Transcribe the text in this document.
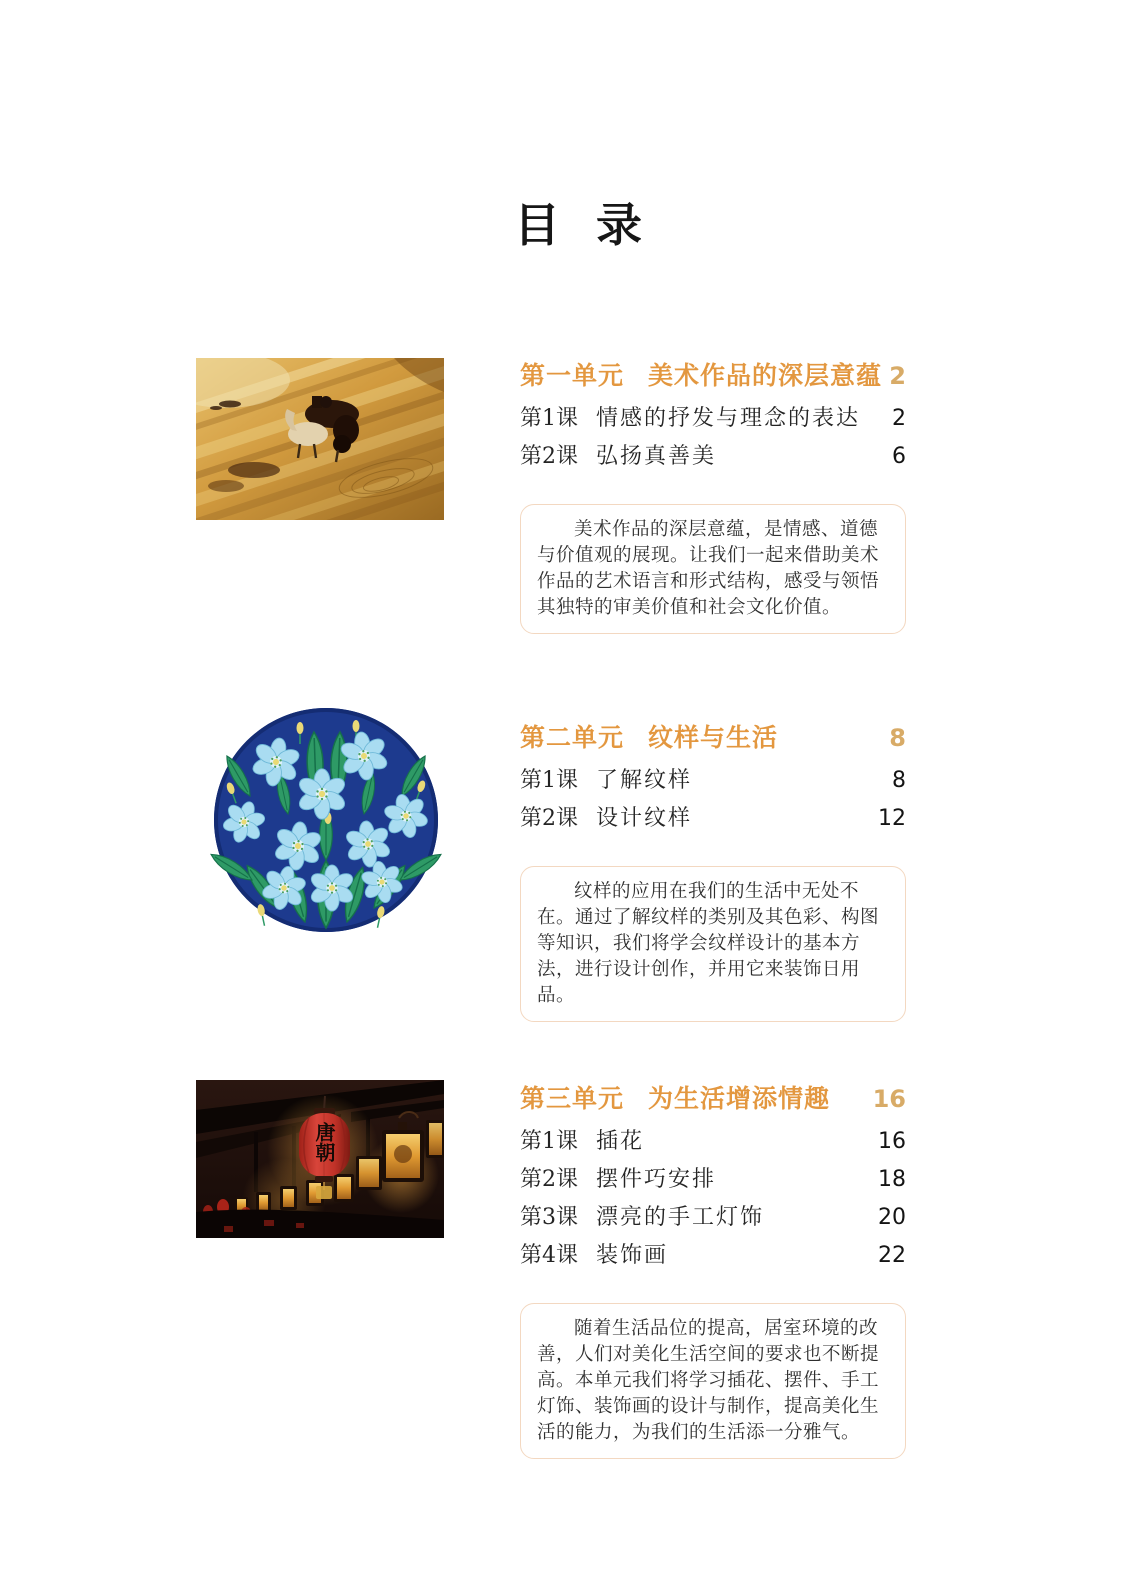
目 录
第一单元 美术作品的深层意蕴 2
第1课 情感的抒发与理念的表达	2
第2课 弘扬真善美	6

美术作品的深层意蕴，是情感、道德与价值观的展现。让我们一起来借助美术作品的艺术语言和形式结构，感受与领悟其独特的审美价值和社会文化价值。

第二单元 纹样与生活	8
第1课 了解纹样	8
第2课 设计纹样	12

纹样的应用在我们的生活中无处不在。通过了解纹样的类别及其色彩、构图等知识，我们将学会纹样设计的基本方法，进行设计创作，并用它来装饰日用品。

唐朝
第三单元 为生活增添情趣 16
第1课 插花	16
第2课 摆件巧安排	18
第3课 漂亮的手工灯饰	20
第4课 装饰画	22

随着生活品位的提高，居室环境的改善，人们对美化生活空间的要求也不断提高。本单元我们将学习插花、摆件、手工灯饰、装饰画的设计与制作，提高美化生活的能力，为我们的生活添一分雅气。
